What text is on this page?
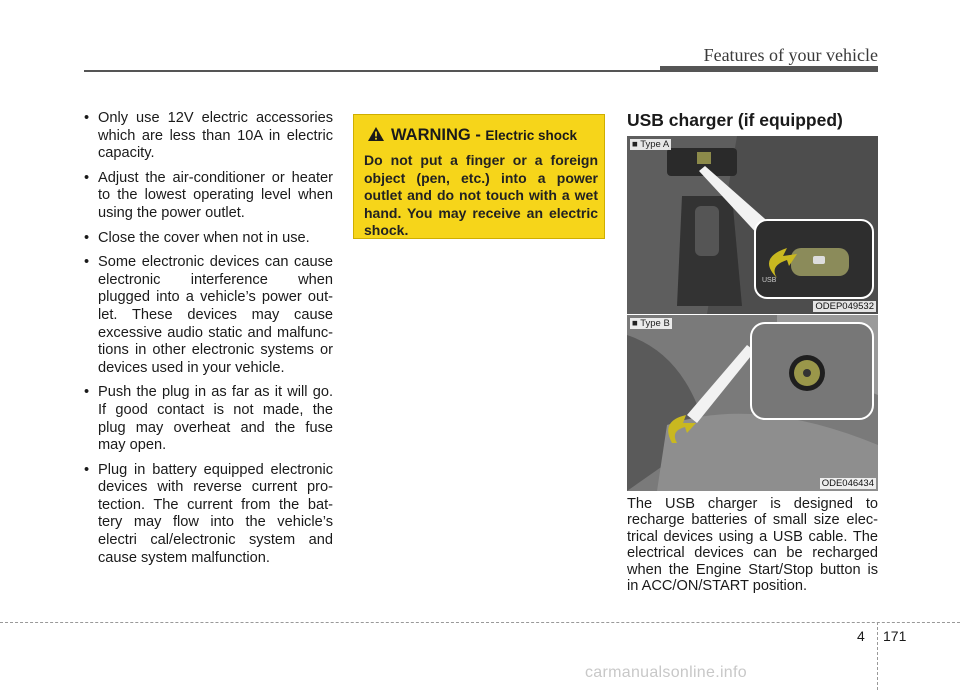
Features of your vehicle
• Only use 12V electric accessories which are less than 10A in electric capacity.
• Adjust the air-conditioner or heater to the lowest operating level when using the power outlet.
• Close the cover when not in use.
• Some electronic devices can cause electronic interference when plugged into a vehicle’s power out-let. These devices may cause excessive audio static and malfunc-tions in other electronic systems or devices used in your vehicle.
• Push the plug in as far as it will go. If good contact is not made, the plug may overheat and the fuse may open.
• Plug in battery equipped electronic devices with reverse current pro-tection. The current from the bat-tery may flow into the vehicle’s electri cal/electronic system and cause system malfunction.
WARNING - Electric shock
Do not put a finger or a foreign object (pen, etc.) into a power outlet and do not touch with a wet hand. You may receive an electric shock.
USB charger (if equipped)
USB
■ Type A
ODEP049532
■ Type B
ODE046434
The USB charger is designed to recharge batteries of small size elec-trical devices using a USB cable. The electrical devices can be recharged when the Engine Start/Stop button is in ACC/ON/START position.
4 171
carmanualsonline.info
